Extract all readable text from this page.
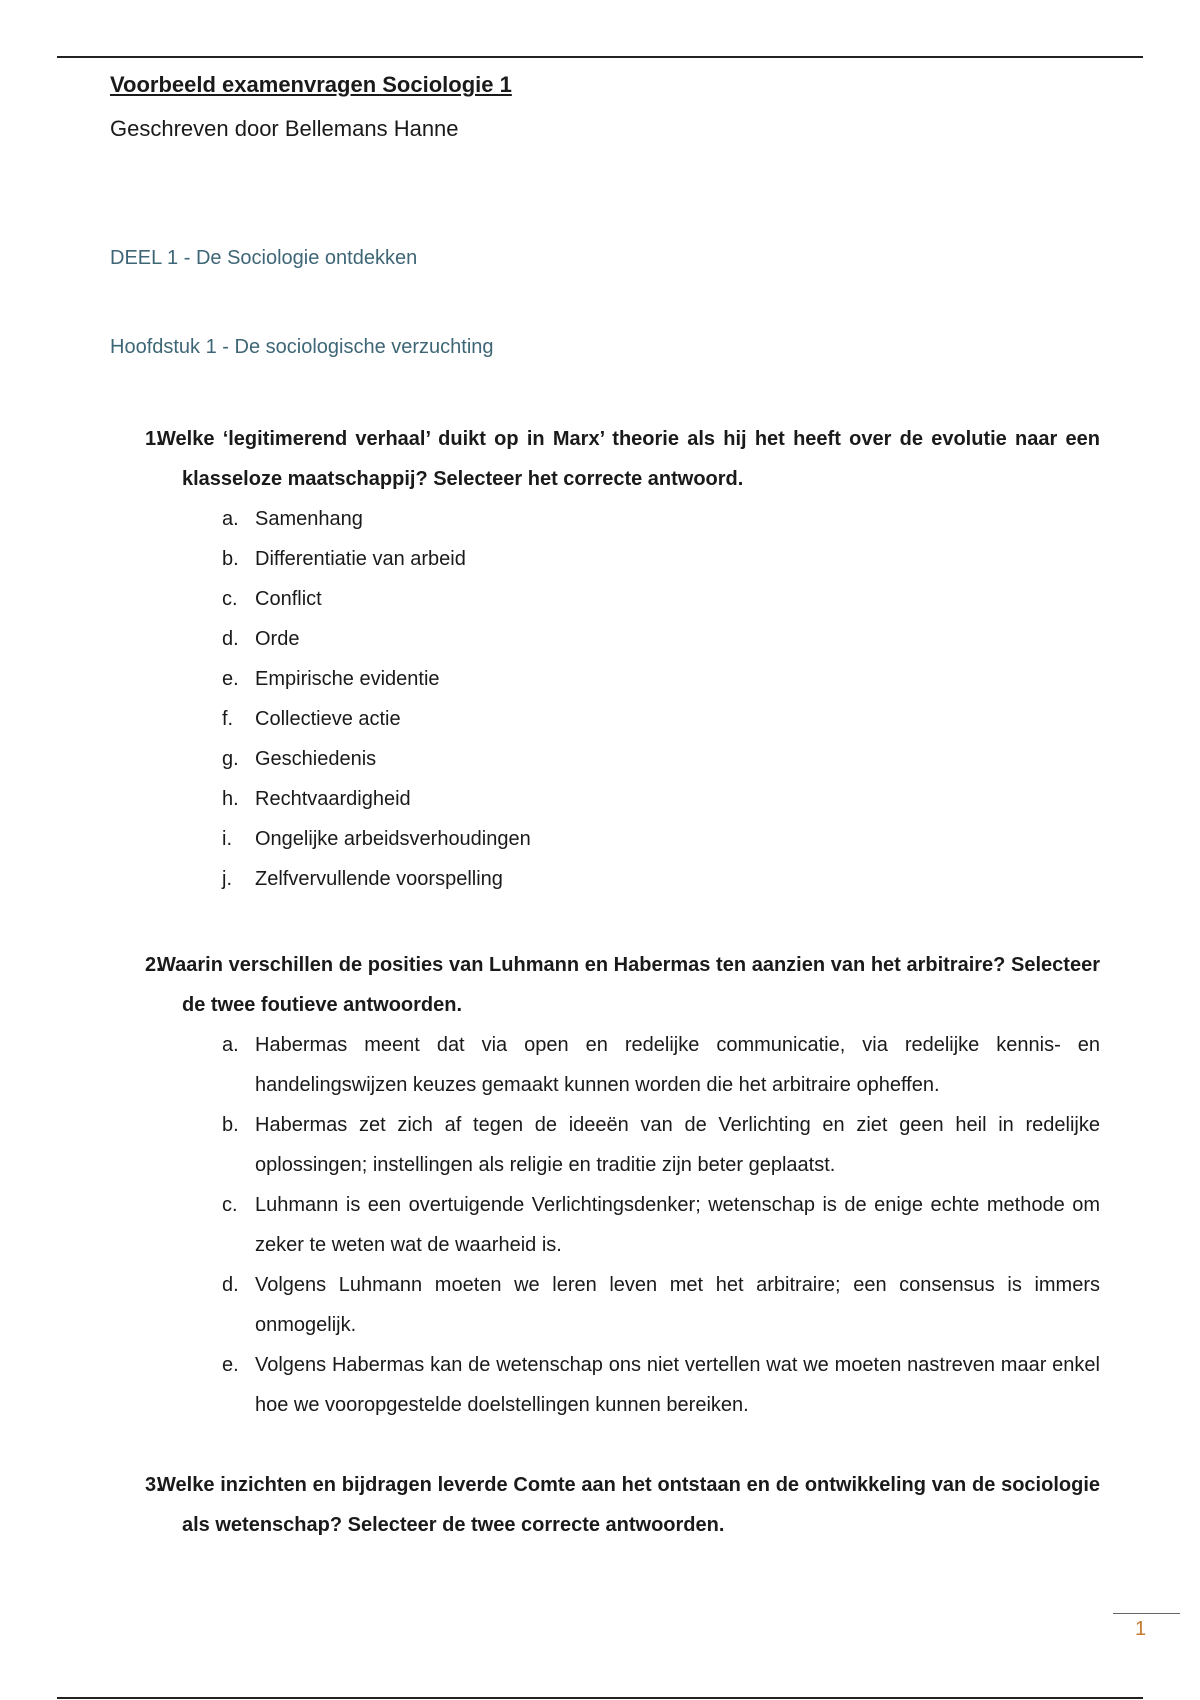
Voorbeeld examenvragen Sociologie 1
Geschreven door Bellemans Hanne
DEEL 1 - De Sociologie ontdekken
Hoofdstuk 1 - De sociologische verzuchting
1.
Welke ‘legitimerend verhaal’ duikt op in Marx’ theorie als hij het heeft over de evolutie naar een klasseloze maatschappij? Selecteer het correcte antwoord.
a. Samenhang
b. Differentiatie van arbeid
c. Conflict
d. Orde
e. Empirische evidentie
f. Collectieve actie
g. Geschiedenis
h. Rechtvaardigheid
i. Ongelijke arbeidsverhoudingen
j. Zelfvervullende voorspelling
2.
Waarin verschillen de posities van Luhmann en Habermas ten aanzien van het arbitraire? Selecteer de twee foutieve antwoorden.
a. Habermas meent dat via open en redelijke communicatie, via redelijke kennis- en handelingswijzen keuzes gemaakt kunnen worden die het arbitraire opheffen.
b. Habermas zet zich af tegen de ideeën van de Verlichting en ziet geen heil in redelijke oplossingen; instellingen als religie en traditie zijn beter geplaatst.
c. Luhmann is een overtuigende Verlichtingsdenker; wetenschap is de enige echte methode om zeker te weten wat de waarheid is.
d. Volgens Luhmann moeten we leren leven met het arbitraire; een consensus is immers onmogelijk.
e. Volgens Habermas kan de wetenschap ons niet vertellen wat we moeten nastreven maar enkel hoe we vooropgestelde doelstellingen kunnen bereiken.
3.
Welke inzichten en bijdragen leverde Comte aan het ontstaan en de ontwikkeling van de sociologie als wetenschap? Selecteer de twee correcte antwoorden.
1
